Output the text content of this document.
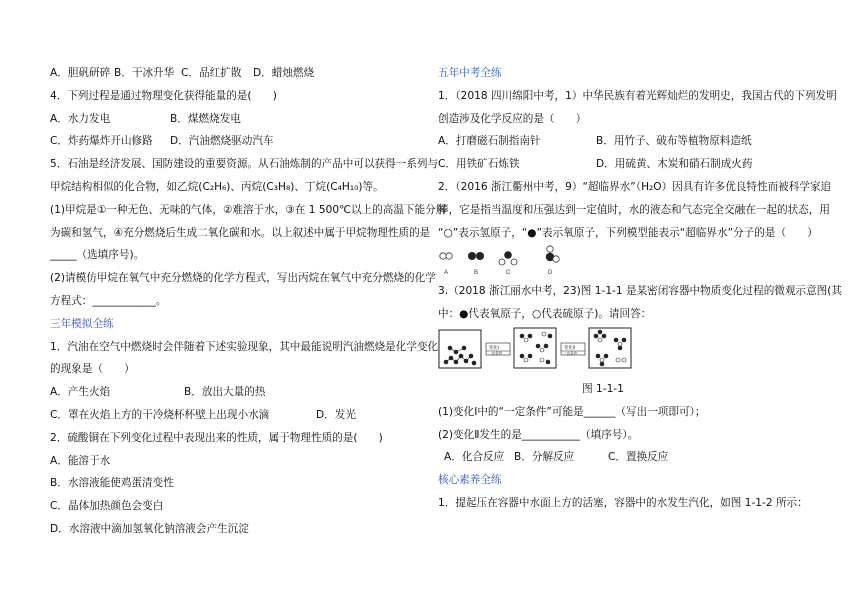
A．胆矾研碎 B．干冰升华 C．品红扩散	D．蜡烛燃烧
4．下列过程是通过物理变化获得能量的是(　　)
A．水力发电	B．煤燃烧发电
C．炸药爆炸开山修路	D．汽油燃烧驱动汽车
5．石油是经济发展、国防建设的重要资源。从石油炼制的产品中可以获得一系列与
甲烷结构相似的化合物，如乙烷(C₂H₆)、丙烷(C₃H₈)、丁烷(C₄H₁₀)等。
(1)甲烷是①一种无色、无味的气体，②难溶于水，③在 1 500℃以上的高温下能分解
为碳和氢气，④充分燃烧后生成二氧化碳和水。以上叙述中属于甲烷物理性质的是
_____（选填序号)。
(2)请模仿甲烷在氧气中充分燃烧的化学方程式，写出丙烷在氧气中充分燃烧的化学
方程式：____________。
三年模拟全练
1．汽油在空气中燃烧时会伴随着下述实验现象，其中最能说明汽油燃烧是化学变化
的现象是（　　）
A．产生火焰	B．放出大量的热
C．罩在火焰上方的干冷烧杯杯壁上出现小水滴	D．发光
2．硫酸铜在下列变化过程中表现出来的性质，属于物理性质的是(　　)
A．能溶于水
B．水溶液能使鸡蛋清变性
C．晶体加热颜色会变白
D．水溶液中滴加氢氧化钠溶液会产生沉淀
五年中考全练
1．（2018 四川绵阳中考，1）中华民族有着光辉灿烂的发明史，我国古代的下列发明
创造涉及化学反应的是（　　）
A．打磨磁石制指南针	B．用竹子、破布等植物原料造纸
C．用铁矿石炼铁	D．用硫黄、木炭和硝石制成火药
2．（2016 浙江衢州中考，9）“超临界水”（H₂O）因具有许多优良特性而被科学家追
捧，它是指当温度和压强达到一定值时，水的液态和气态完全交融在一起的状态，用
“○”表示氢原子，“●”表示氧原子，下列模型能表示“超临界水”分子的是（　　）
A	B	C	D
3.（2018 浙江丽水中考，23)图 1-1-1 是某密闭容器中物质变化过程的微观示意图(其
中：●代表氧原子，○代表硫原子)。请回答：
变化Ⅰ
一定条件
变化Ⅱ
一定条件
图 1-1-1
(1)变化Ⅰ中的“一定条件”可能是______（写出一项即可）；
(2)变化Ⅱ发生的是___________（填序号）。
A．化合反应 B．分解反应	C．置换反应
核心素养全练
1．提起压在容器中水面上方的活塞，容器中的水发生汽化，如图 1-1-2 所示：
